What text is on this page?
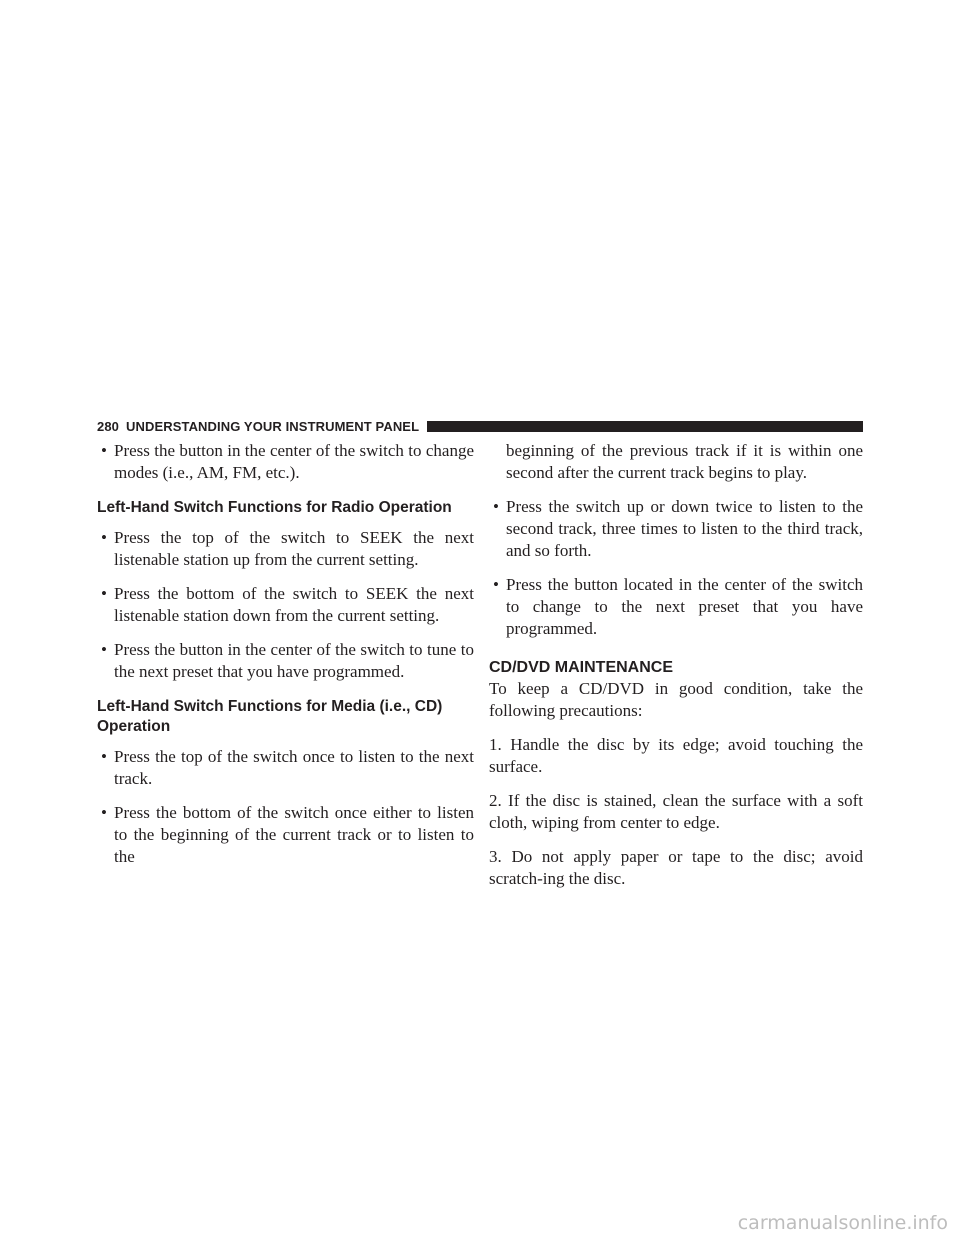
280 UNDERSTANDING YOUR INSTRUMENT PANEL
• Press the button in the center of the switch to change modes (i.e., AM, FM, etc.).
Left-Hand Switch Functions for Radio Operation
• Press the top of the switch to SEEK the next listenable station up from the current setting.
• Press the bottom of the switch to SEEK the next listenable station down from the current setting.
• Press the button in the center of the switch to tune to the next preset that you have programmed.
Left-Hand Switch Functions for Media (i.e., CD) Operation
• Press the top of the switch once to listen to the next track.
• Press the bottom of the switch once either to listen to the beginning of the current track or to listen to the
beginning of the previous track if it is within one second after the current track begins to play.
• Press the switch up or down twice to listen to the second track, three times to listen to the third track, and so forth.
• Press the button located in the center of the switch to change to the next preset that you have programmed.
CD/DVD MAINTENANCE
To keep a CD/DVD in good condition, take the following precautions:
1. Handle the disc by its edge; avoid touching the surface.
2. If the disc is stained, clean the surface with a soft cloth, wiping from center to edge.
3. Do not apply paper or tape to the disc; avoid scratch-ing the disc.
carmanualsonline.info
